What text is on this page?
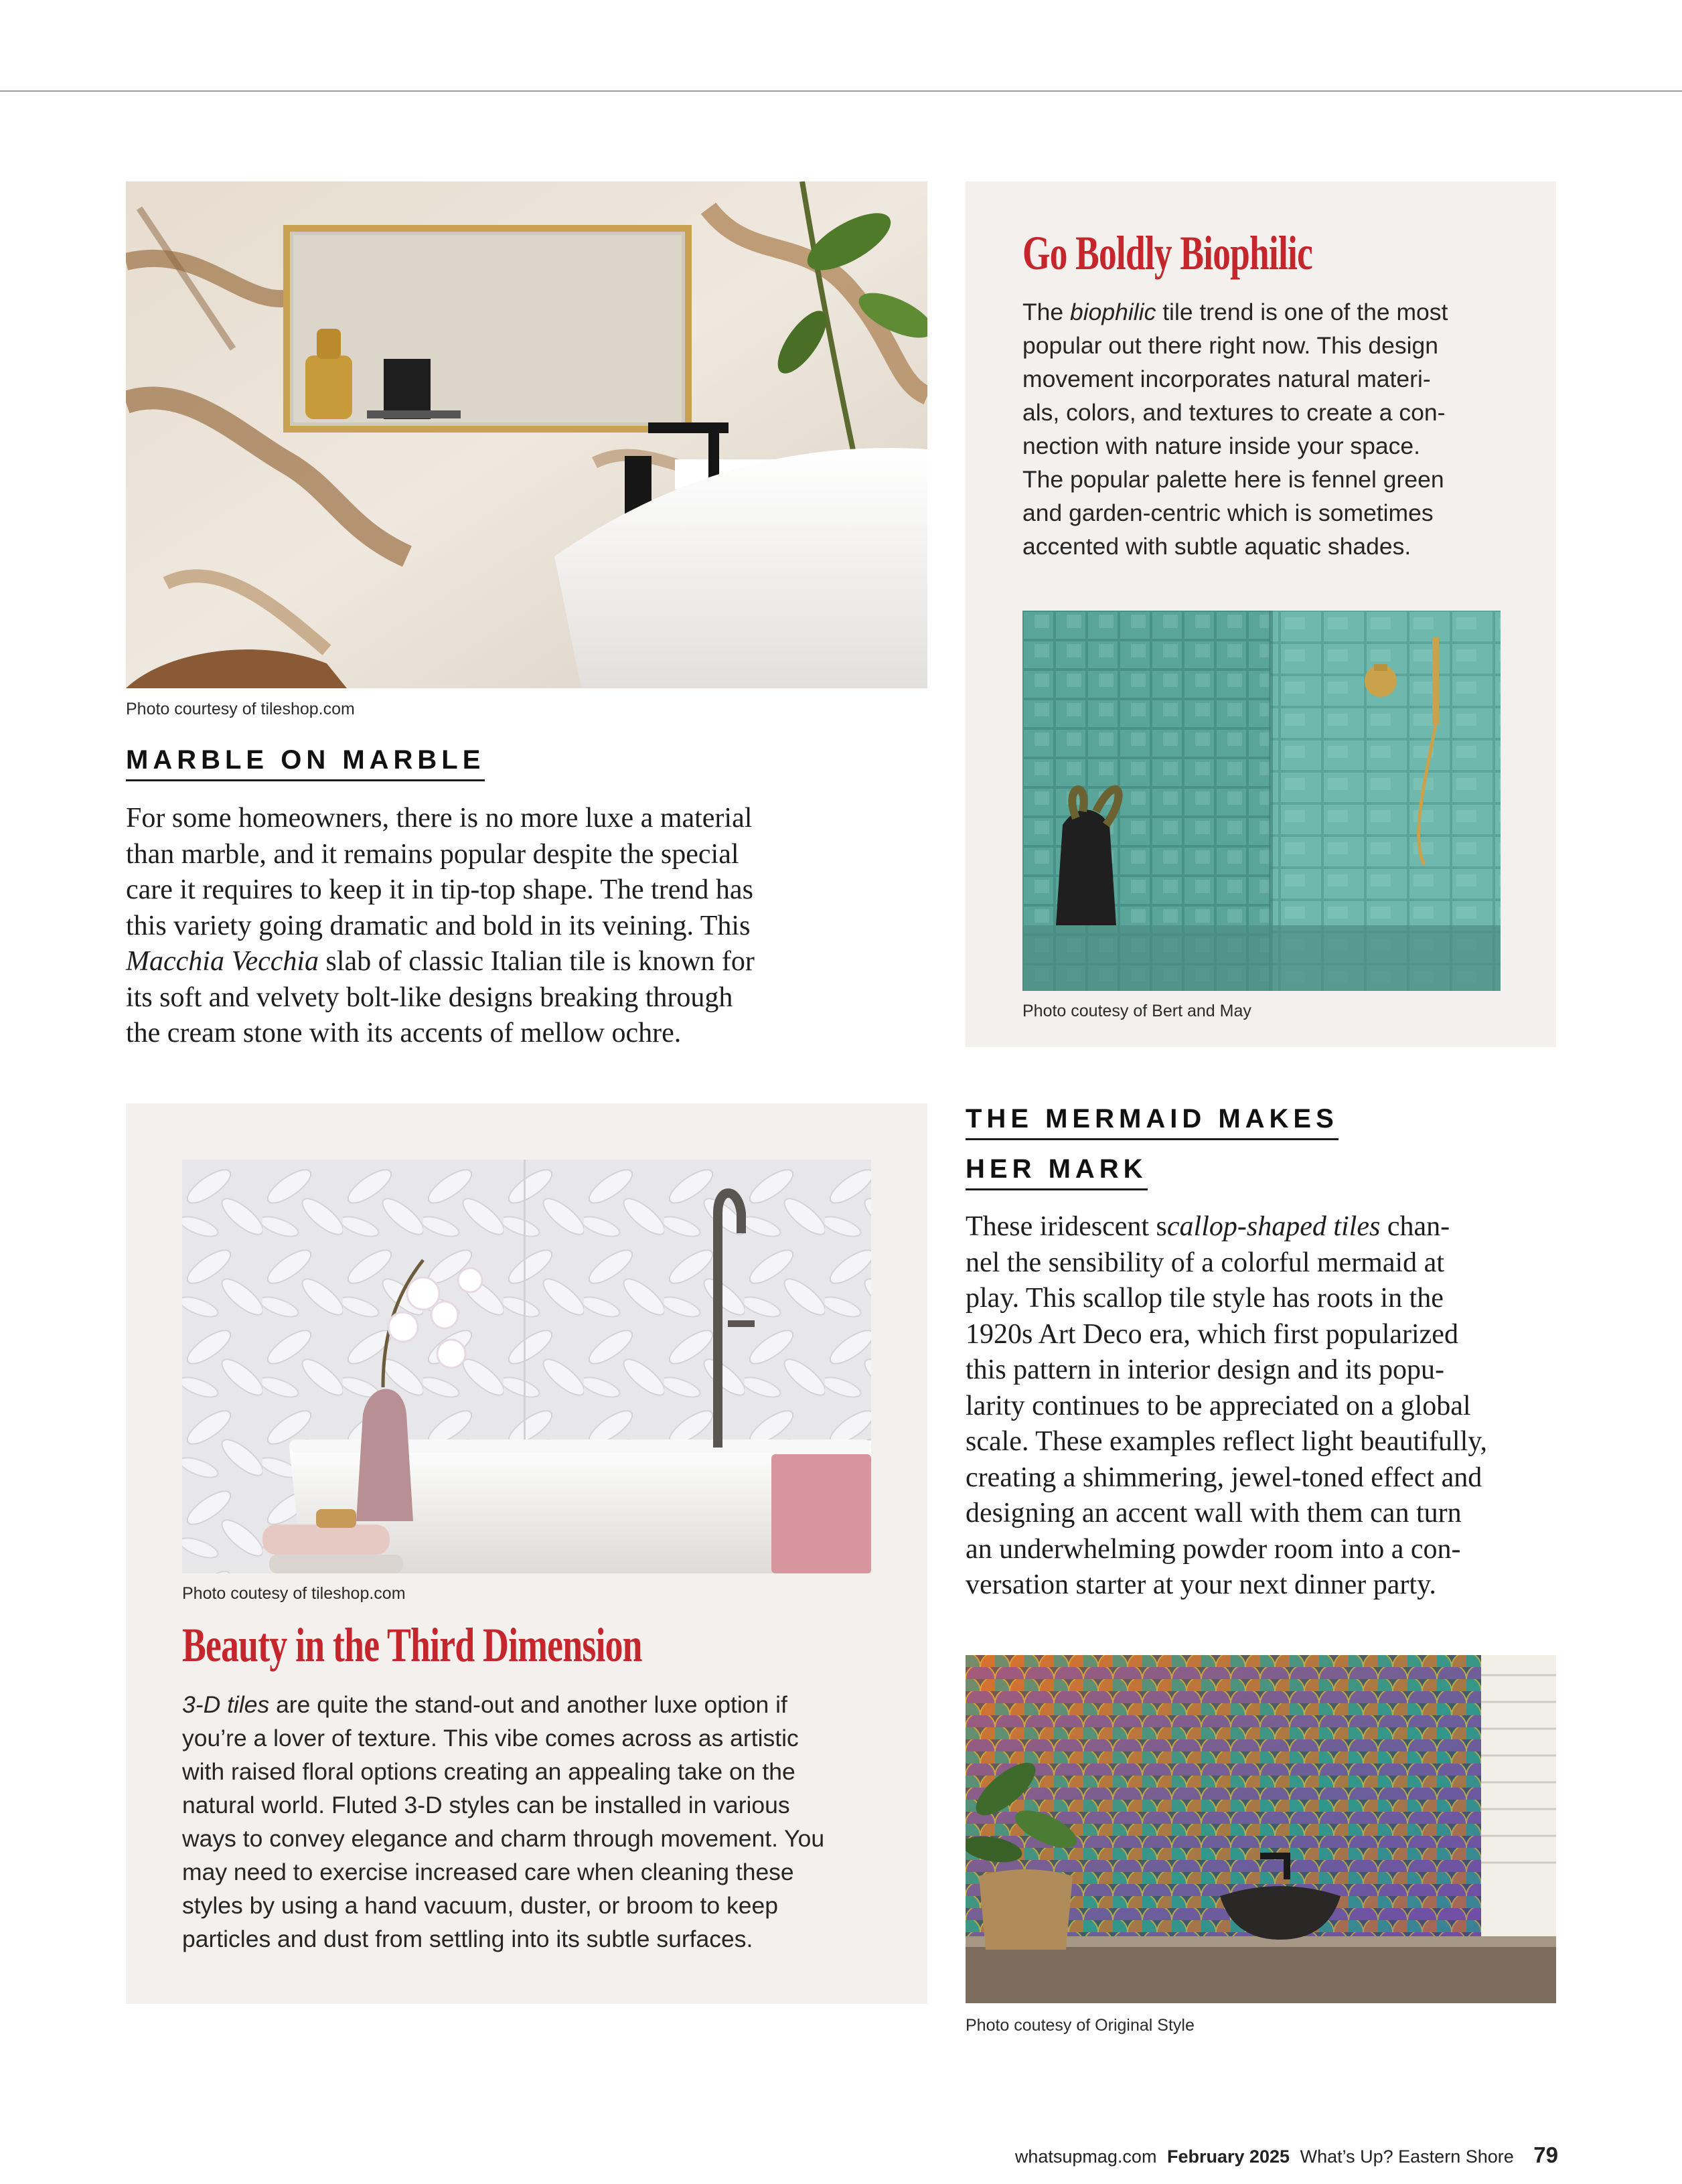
Photo courtesy of tileshop.com

MARBLE ON MARBLE

For some homeowners, there is no more luxe a material
than marble, and it remains popular despite the special
care it requires to keep it in tip-top shape. The trend has
this variety going dramatic and bold in its veining. This
Macchia Vecchia slab of classic Italian tile is known for
its soft and velvety bolt-like designs breaking through
the cream stone with its accents of mellow ochre.
Go Boldly Biophilic
The biophilic tile trend is one of the most
popular out there right now. This design
movement incorporates natural materi-
als, colors, and textures to create a con-
nection with nature inside your space.
The popular palette here is fennel green
and garden-centric which is sometimes
accented with subtle aquatic shades.

Photo coutesy of Bert and May

Photo coutesy of tileshop.com

Beauty in the Third Dimension
3-D tiles are quite the stand-out and another luxe option if
you’re a lover of texture. This vibe comes across as artistic
with raised floral options creating an appealing take on the
natural world. Fluted 3-D styles can be installed in various
ways to convey elegance and charm through movement. You
may need to exercise increased care when cleaning these
styles by using a hand vacuum, duster, or broom to keep
particles and dust from settling into its subtle surfaces.
THE MERMAID MAKES
HER MARK
These iridescent scallop-shaped tiles chan-
nel the sensibility of a colorful mermaid at
play. This scallop tile style has roots in the
1920s Art Deco era, which first popularized
this pattern in interior design and its popu-
larity continues to be appreciated on a global
scale. These examples reflect light beautifully,
creating a shimmering, jewel-toned effect and
designing an accent wall with them can turn
an underwhelming powder room into a con-
versation starter at your next dinner party.

Photo coutesy of Original Style

whatsupmag.com February 2025 What’s Up? Eastern Shore 79
